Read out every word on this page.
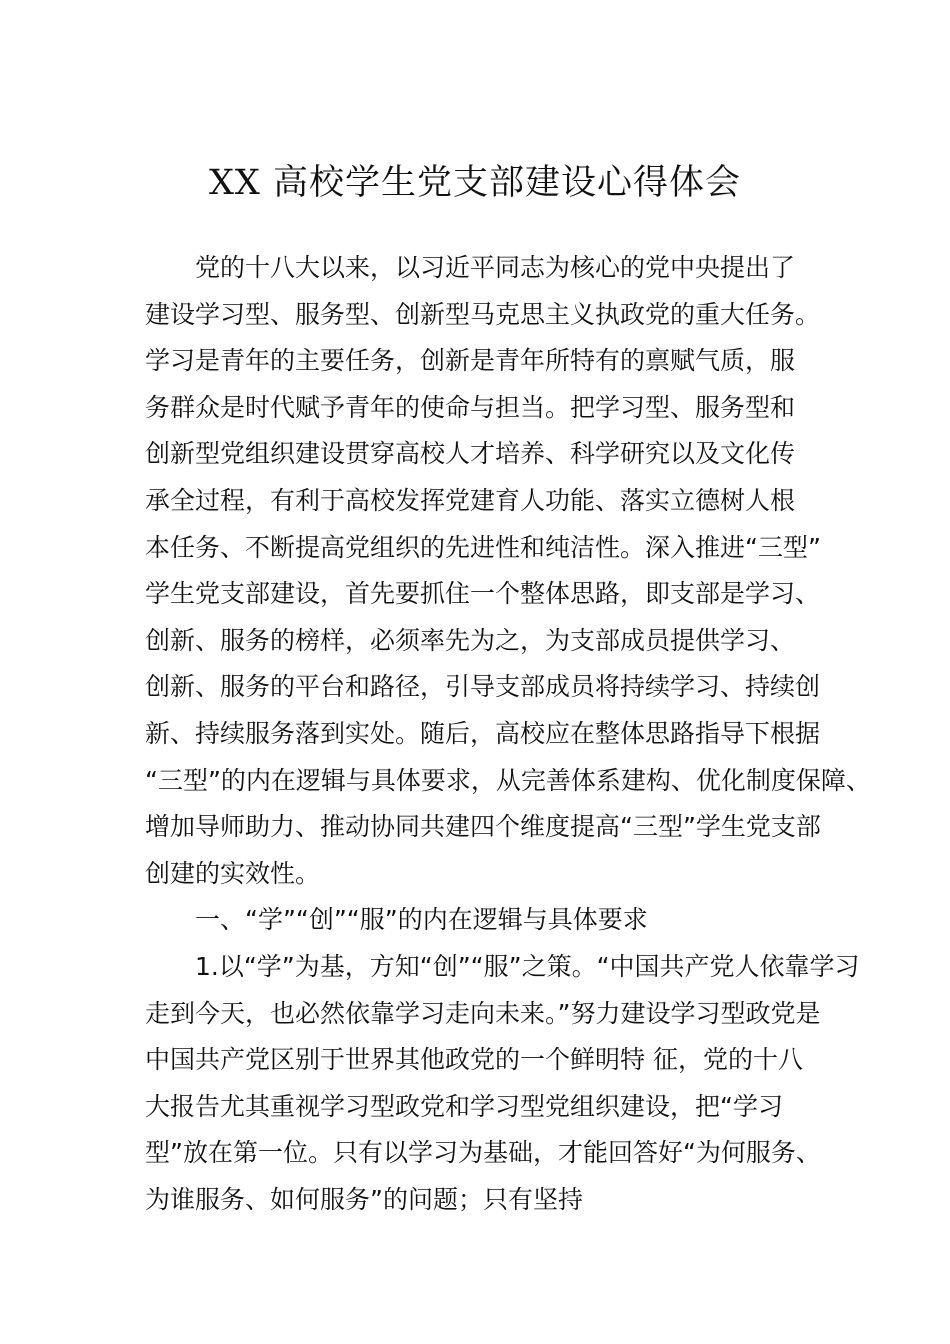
XX 高校学生党支部建设心得体会
党的十八大以来，以习近平同志为核心的党中央提出了
建设学习型、服务型、创新型马克思主义执政党的重大任务。
学习是青年的主要任务，创新是青年所特有的禀赋气质，服
务群众是时代赋予青年的使命与担当。把学习型、服务型和
创新型党组织建设贯穿高校人才培养、科学研究以及文化传
承全过程，有利于高校发挥党建育人功能、落实立德树人根
本任务、不断提高党组织的先进性和纯洁性。深入推进“三型”
学生党支部建设，首先要抓住一个整体思路，即支部是学习、
创新、服务的榜样，必须率先为之，为支部成员提供学习、
创新、服务的平台和路径，引导支部成员将持续学习、持续创
新、持续服务落到实处。随后，高校应在整体思路指导下根据
“三型”的内在逻辑与具体要求，从完善体系建构、优化制度保障、
增加导师助力、推动协同共建四个维度提高“三型”学生党支部
创建的实效性。
一、“学”“创”“服”的内在逻辑与具体要求
1.以“学”为基，方知“创”“服”之策。“中国共产党人依靠学习
走到今天，也必然依靠学习走向未来。”努力建设学习型政党是
中国共产党区别于世界其他政党的一个鲜明特 征，党的十八
大报告尤其重视学习型政党和学习型党组织建设，把“学习
型”放在第一位。只有以学习为基础，才能回答好“为何服务、
为谁服务、如何服务”的问题；只有坚持
